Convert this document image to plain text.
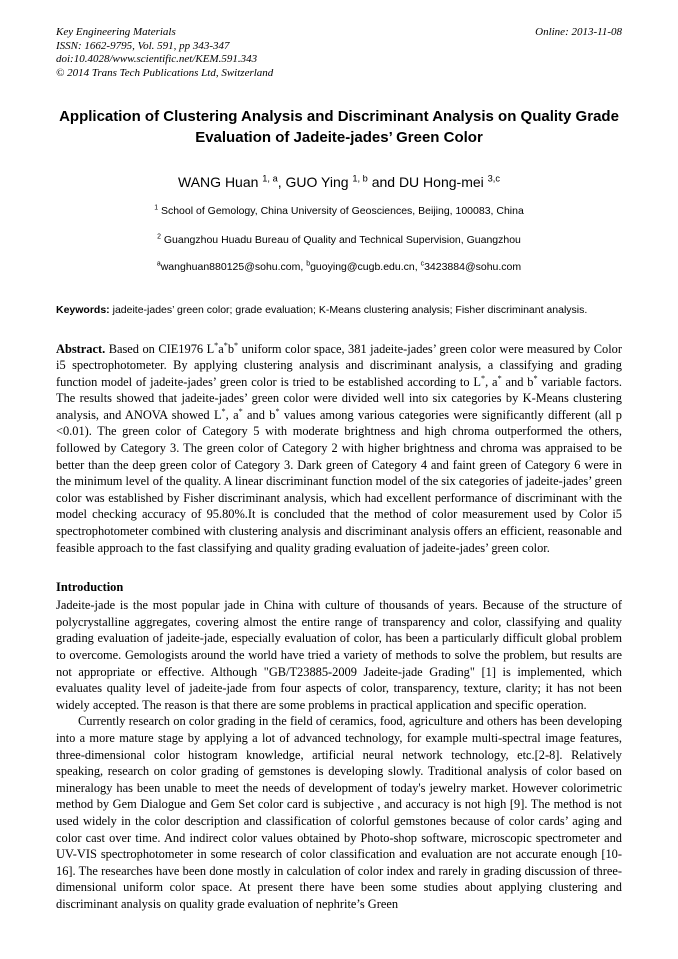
Key Engineering Materials	Online: 2013-11-08
ISSN: 1662-9795, Vol. 591, pp 343-347
doi:10.4028/www.scientific.net/KEM.591.343
© 2014 Trans Tech Publications Ltd, Switzerland
Application of Clustering Analysis and Discriminant Analysis on Quality Grade Evaluation of Jadeite-jades’ Green Color
WANG Huan $^{1, a}$, GUO Ying $^{1, b}$ and DU Hong-mei $^{3,c}$
$^1$ School of Gemology, China University of Geosciences, Beijing, 100083, China
$^2$ Guangzhou Huadu Bureau of Quality and Technical Supervision, Guangzhou
$^a$wanghuan880125@sohu.com, $^b$guoying@cugb.edu.cn, $^c$3423884@sohu.com
Keywords: jadeite-jades’ green color; grade evaluation; K-Means clustering analysis; Fisher discriminant analysis.
Abstract. Based on CIE1976 L*a*b* uniform color space, 381 jadeite-jades’ green color were measured by Color i5 spectrophotometer. By applying clustering analysis and discriminant analysis, a classifying and grading function model of jadeite-jades’ green color is tried to be established according to L*, a* and b* variable factors. The results showed that jadeite-jades’ green color were divided well into six categories by K-Means clustering analysis, and ANOVA showed L*, a* and b* values among various categories were significantly different (all p <0.01). The green color of Category 5 with moderate brightness and high chroma outperformed the others, followed by Category 3. The green color of Category 2 with higher brightness and chroma was appraised to be better than the deep green color of Category 3. Dark green of Category 4 and faint green of Category 6 were in the minimum level of the quality. A linear discriminant function model of the six categories of jadeite-jades’ green color was established by Fisher discriminant analysis, which had excellent performance of discriminant with the model checking accuracy of 95.80%.It is concluded that the method of color measurement used by Color i5 spectrophotometer combined with clustering analysis and discriminant analysis offers an efficient, reasonable and feasible approach to the fast classifying and quality grading evaluation of jadeite-jades’ green color.
Introduction

Jadeite-jade is the most popular jade in China with culture of thousands of years. Because of the structure of polycrystalline aggregates, covering almost the entire range of transparency and color, classifying and quality grading evaluation of jadeite-jade, especially evaluation of color, has been a particularly difficult global problem to overcome. Gemologists around the world have tried a variety of methods to solve the problem, but results are not appropriate or effective. Although "GB/T23885-2009 Jadeite-jade Grading" [1] is implemented, which evaluates quality level of jadeite-jade from four aspects of color, transparency, texture, clarity; it has not been widely accepted. The reason is that there are some problems in practical application and specific operation.

Currently research on color grading in the field of ceramics, food, agriculture and others has been developing into a more mature stage by applying a lot of advanced technology, for example multi-spectral image features, three-dimensional color histogram knowledge, artificial neural network technology, etc.[2-8]. Relatively speaking, research on color grading of gemstones is developing slowly. Traditional analysis of color based on mineralogy has been unable to meet the needs of development of today's jewelry market. However colorimetric method by Gem Dialogue and Gem Set color card is subjective , and accuracy is not high [9]. The method is not used widely in the color description and classification of colorful gemstones because of color cards’ aging and color cast over time. And indirect color values obtained by Photo-shop software, microscopic spectrometer and UV-VIS spectrophotometer in some research of color classification and evaluation are not accurate enough [10-16]. The researches have been done mostly in calculation of color index and rarely in grading discussion of three-dimensional uniform color space. At present there have been some studies about applying clustering and discriminant analysis on quality grade evaluation of nephrite’s Green
